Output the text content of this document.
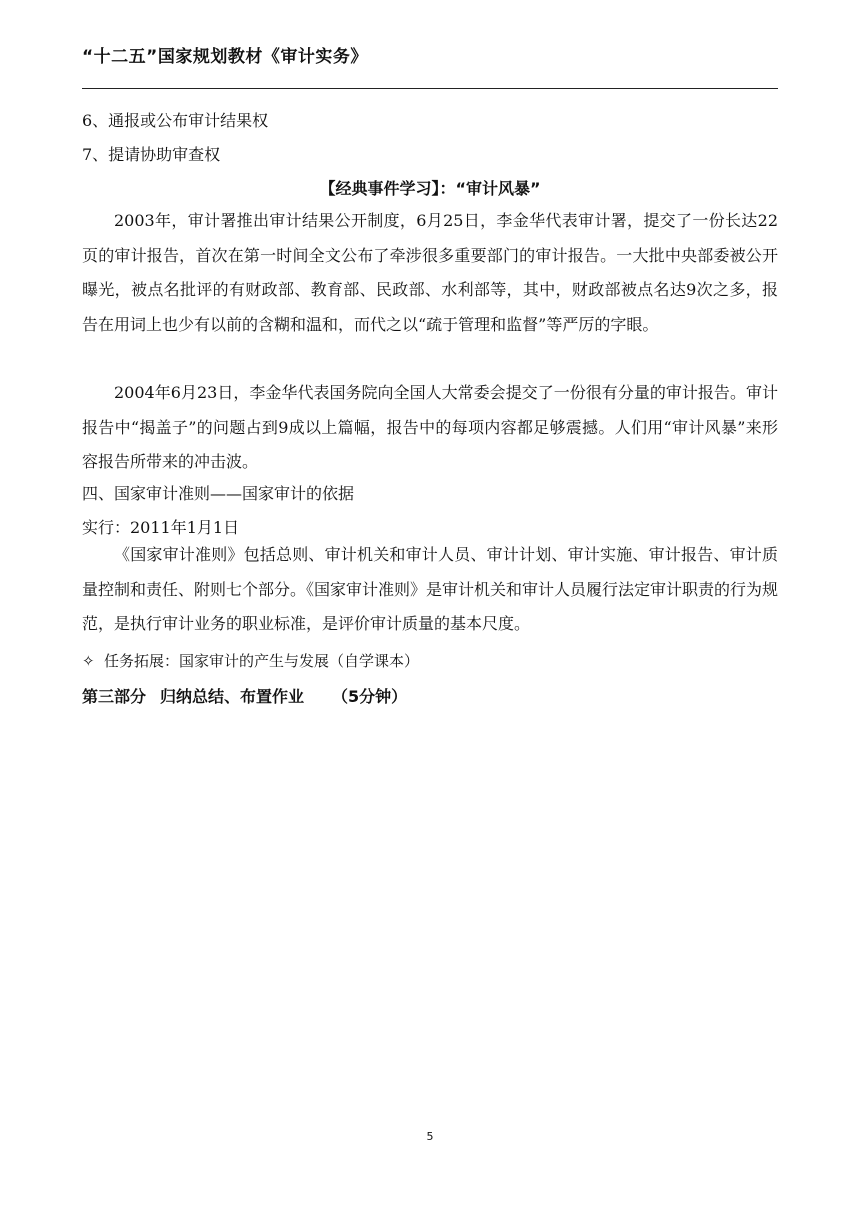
“十二五”国家规划教材《审计实务》
6、通报或公布审计结果权
7、提请协助审查权
【经典事件学习】：“审计风暴”

2003年，审计署推出审计结果公开制度，6月25日，李金华代表审计署，提交了一份长达22页的审计报告，首次在第一时间全文公布了牵涉很多重要部门的审计报告。一大批中央部委被公开曝光，被点名批评的有财政部、教育部、民政部、水利部等，其中，财政部被点名达9次之多，报告在用词上也少有以前的含糊和温和，而代之以“疏于管理和监督”等严厉的字眼。

2004年6月23日，李金华代表国务院向全国人大常委会提交了一份很有分量的审计报告。审计报告中“揭盖子”的问题占到9成以上篇幅，报告中的每项内容都足够震撼。人们用“审计风暴”来形容报告所带来的冲击波。

四、国家审计准则——国家审计的依据
实行：2011年1月1日

《国家审计准则》包括总则、审计机关和审计人员、审计计划、审计实施、审计报告、审计质量控制和责任、附则七个部分。《国家审计准则》是审计机关和审计人员履行法定审计职责的行为规范，是执行审计业务的职业标准，是评价审计质量的基本尺度。

✧ 任务拓展：国家审计的产生与发展（自学课本）
第三部分 归纳总结、布置作业 （5分钟）
5
